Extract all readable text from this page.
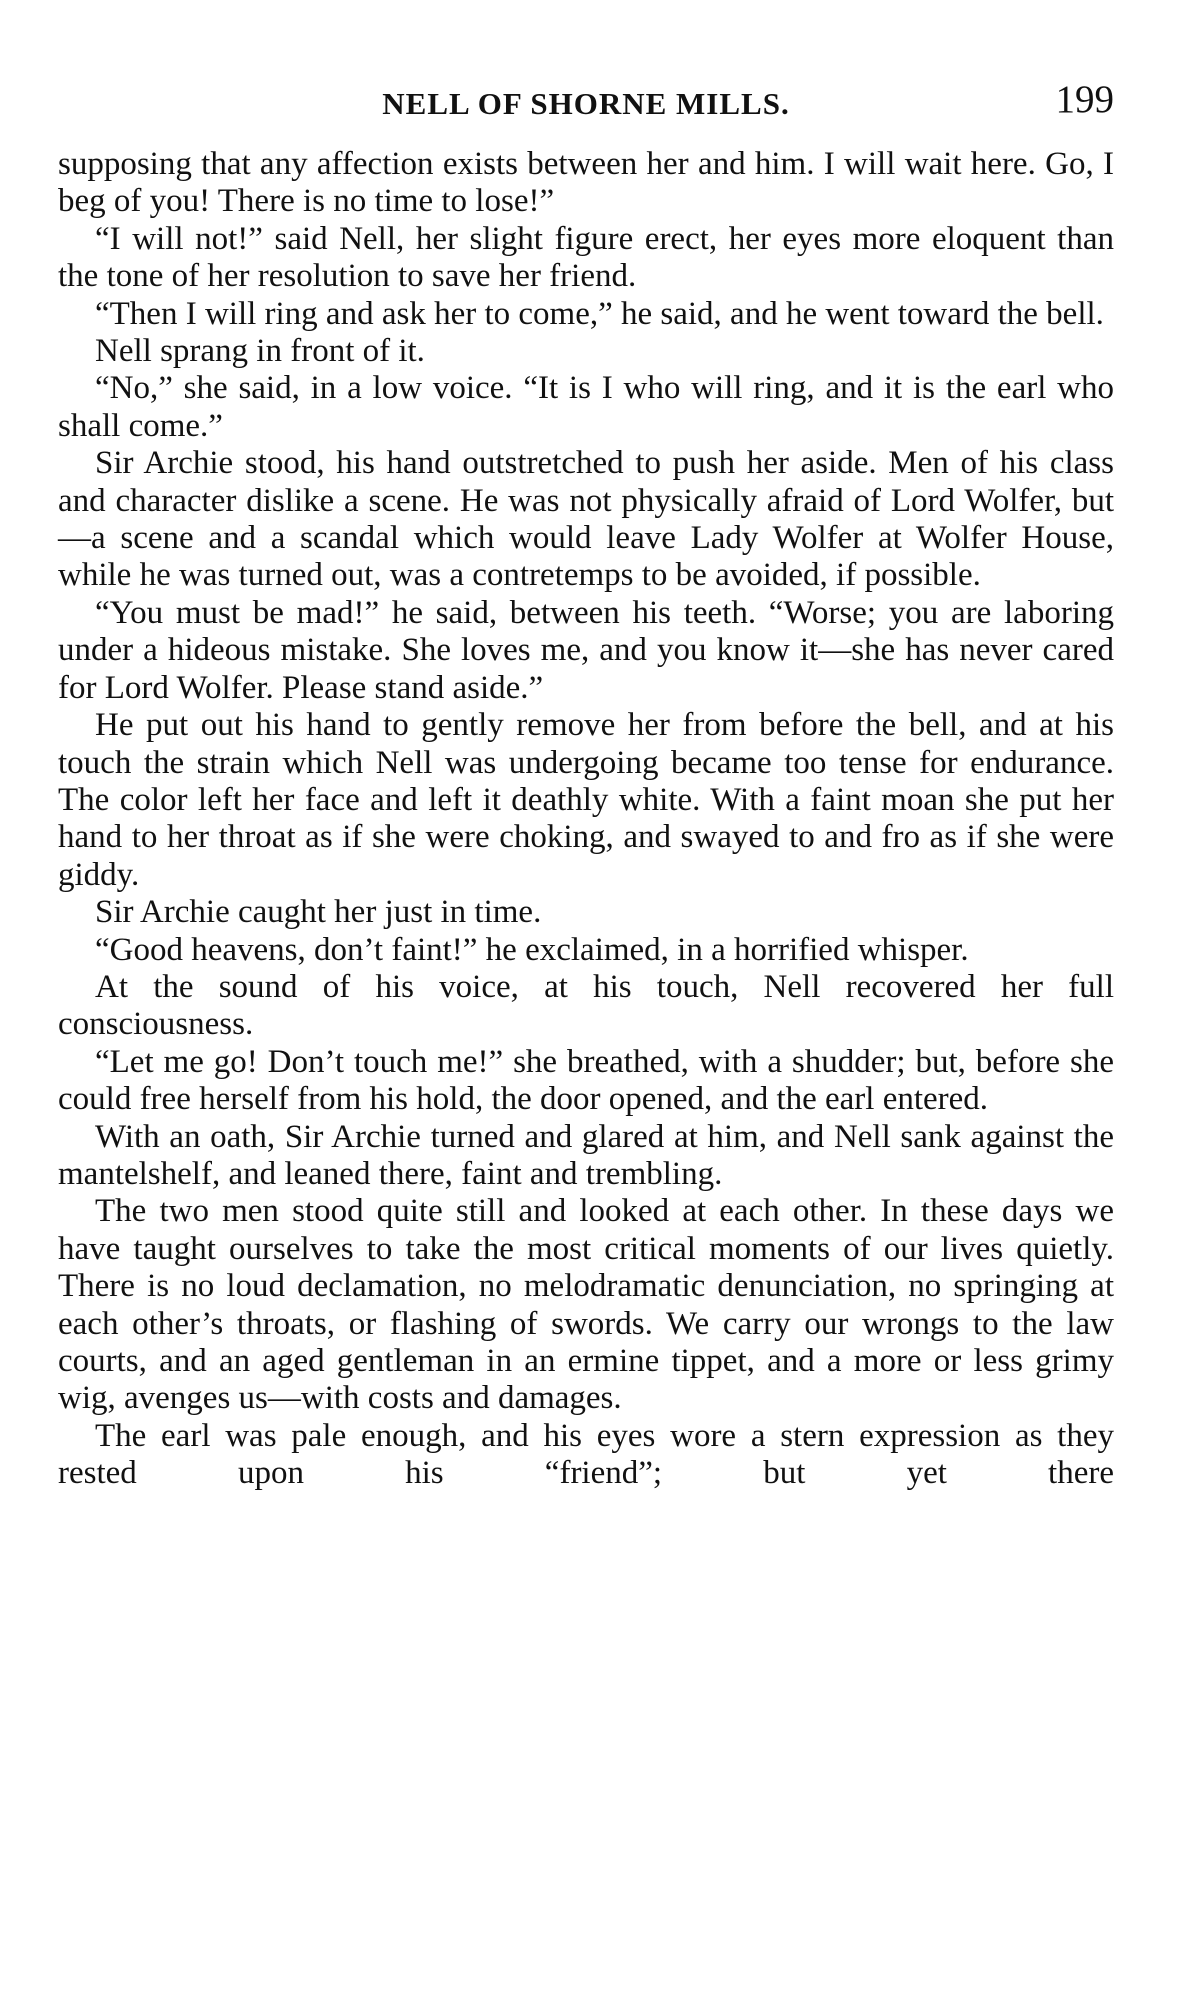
NELL OF SHORNE MILLS.	199

supposing that any affection exists between her and him. I will wait here. Go, I beg of you! There is no time to lose!”

“I will not!” said Nell, her slight figure erect, her eyes more eloquent than the tone of her resolution to save her friend.

“Then I will ring and ask her to come,” he said, and he went toward the bell.

Nell sprang in front of it.

“No,” she said, in a low voice. “It is I who will ring, and it is the earl who shall come.”

Sir Archie stood, his hand outstretched to push her aside. Men of his class and character dislike a scene. He was not physically afraid of Lord Wolfer, but—a scene and a scandal which would leave Lady Wolfer at Wolfer House, while he was turned out, was a contretemps to be avoided, if possible.

“You must be mad!” he said, between his teeth. “Worse; you are laboring under a hideous mistake. She loves me, and you know it—she has never cared for Lord Wolfer. Please stand aside.”

He put out his hand to gently remove her from before the bell, and at his touch the strain which Nell was undergoing became too tense for endurance. The color left her face and left it deathly white. With a faint moan she put her hand to her throat as if she were choking, and swayed to and fro as if she were giddy.

Sir Archie caught her just in time.

“Good heavens, don’t faint!” he exclaimed, in a horrified whisper.

At the sound of his voice, at his touch, Nell recovered her full consciousness.

“Let me go! Don’t touch me!” she breathed, with a shudder; but, before she could free herself from his hold, the door opened, and the earl entered.

With an oath, Sir Archie turned and glared at him, and Nell sank against the mantelshelf, and leaned there, faint and trembling.

The two men stood quite still and looked at each other. In these days we have taught ourselves to take the most critical moments of our lives quietly. There is no loud declamation, no melodramatic denunciation, no springing at each other’s throats, or flashing of swords. We carry our wrongs to the law courts, and an aged gentleman in an ermine tippet, and a more or less grimy wig, avenges us—with costs and damages.

The earl was pale enough, and his eyes wore a stern expression as they rested upon his “friend”; but yet there
